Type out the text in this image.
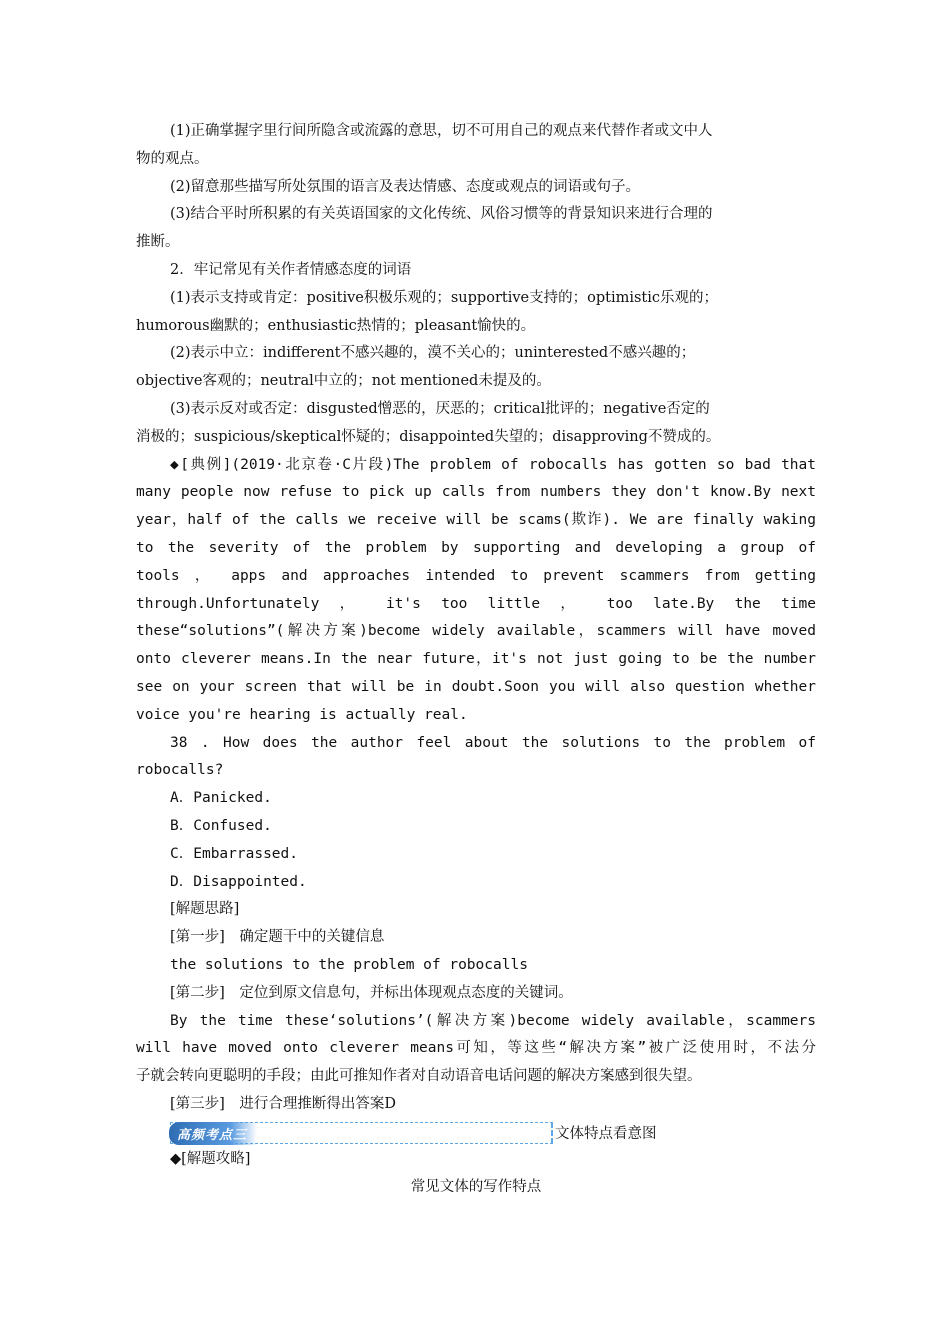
(1)正确掌握字里行间所隐含或流露的意思，切不可用自己的观点来代替作者或文中人
物的观点。
(2)留意那些描写所处氛围的语言及表达情感、态度或观点的词语或句子。
(3)结合平时所积累的有关英语国家的文化传统、风俗习惯等的背景知识来进行合理的
推断。
2．牢记常见有关作者情感态度的词语
(1)表示支持或肯定：positive积极乐观的；supportive支持的；optimistic乐观的；
humorous幽默的；enthusiastic热情的；pleasant愉快的。
(2)表示中立：indifferent不感兴趣的，漠不关心的；uninterested不感兴趣的；
objective客观的；neutral中立的；not mentioned未提及的。
(3)表示反对或否定：disgusted憎恶的，厌恶的；critical批评的；negative否定的
消极的；suspicious/skeptical怀疑的；disappointed失望的；disapproving不赞成的。
◆[典例](2019·北京卷·C片段)The problem of robocalls has gotten so bad that
many people now refuse to pick up calls from numbers they don't know.By next
year，half of the calls we receive will be scams(欺诈). We are finally waking
to the severity of the problem by supporting and developing a group of
tools ， apps and approaches intended to prevent scammers from getting
through.Unfortunately ， it's too little ， too late.By the time
these“solutions”(解决方案)become widely available，scammers will have moved
onto cleverer means.In the near future，it's not just going to be the number
see on your screen that will be in doubt.Soon you will also question whether
voice you're hearing is actually real.
38 . How does the author feel about the solutions to the problem of
robocalls?
A．Panicked.
B．Confused.
C．Embarrassed.
D．Disappointed.
[解题思路]
[第一步]　确定题干中的关键信息
the solutions to the problem of robocalls
[第二步]　定位到原文信息句，并标出体现观点态度的关键词。
By the time these‘solutions’(解决方案)become widely available，scammers
will have moved onto cleverer means可知，等这些“解决方案”被广泛使用时，不法分
子就会转向更聪明的手段；由此可推知作者对自动语音电话问题的解决方案感到很失望。
[第三步]　进行合理推断得出答案D
高频考点三	文体特点看意图
◆[解题攻略]
常见文体的写作特点
